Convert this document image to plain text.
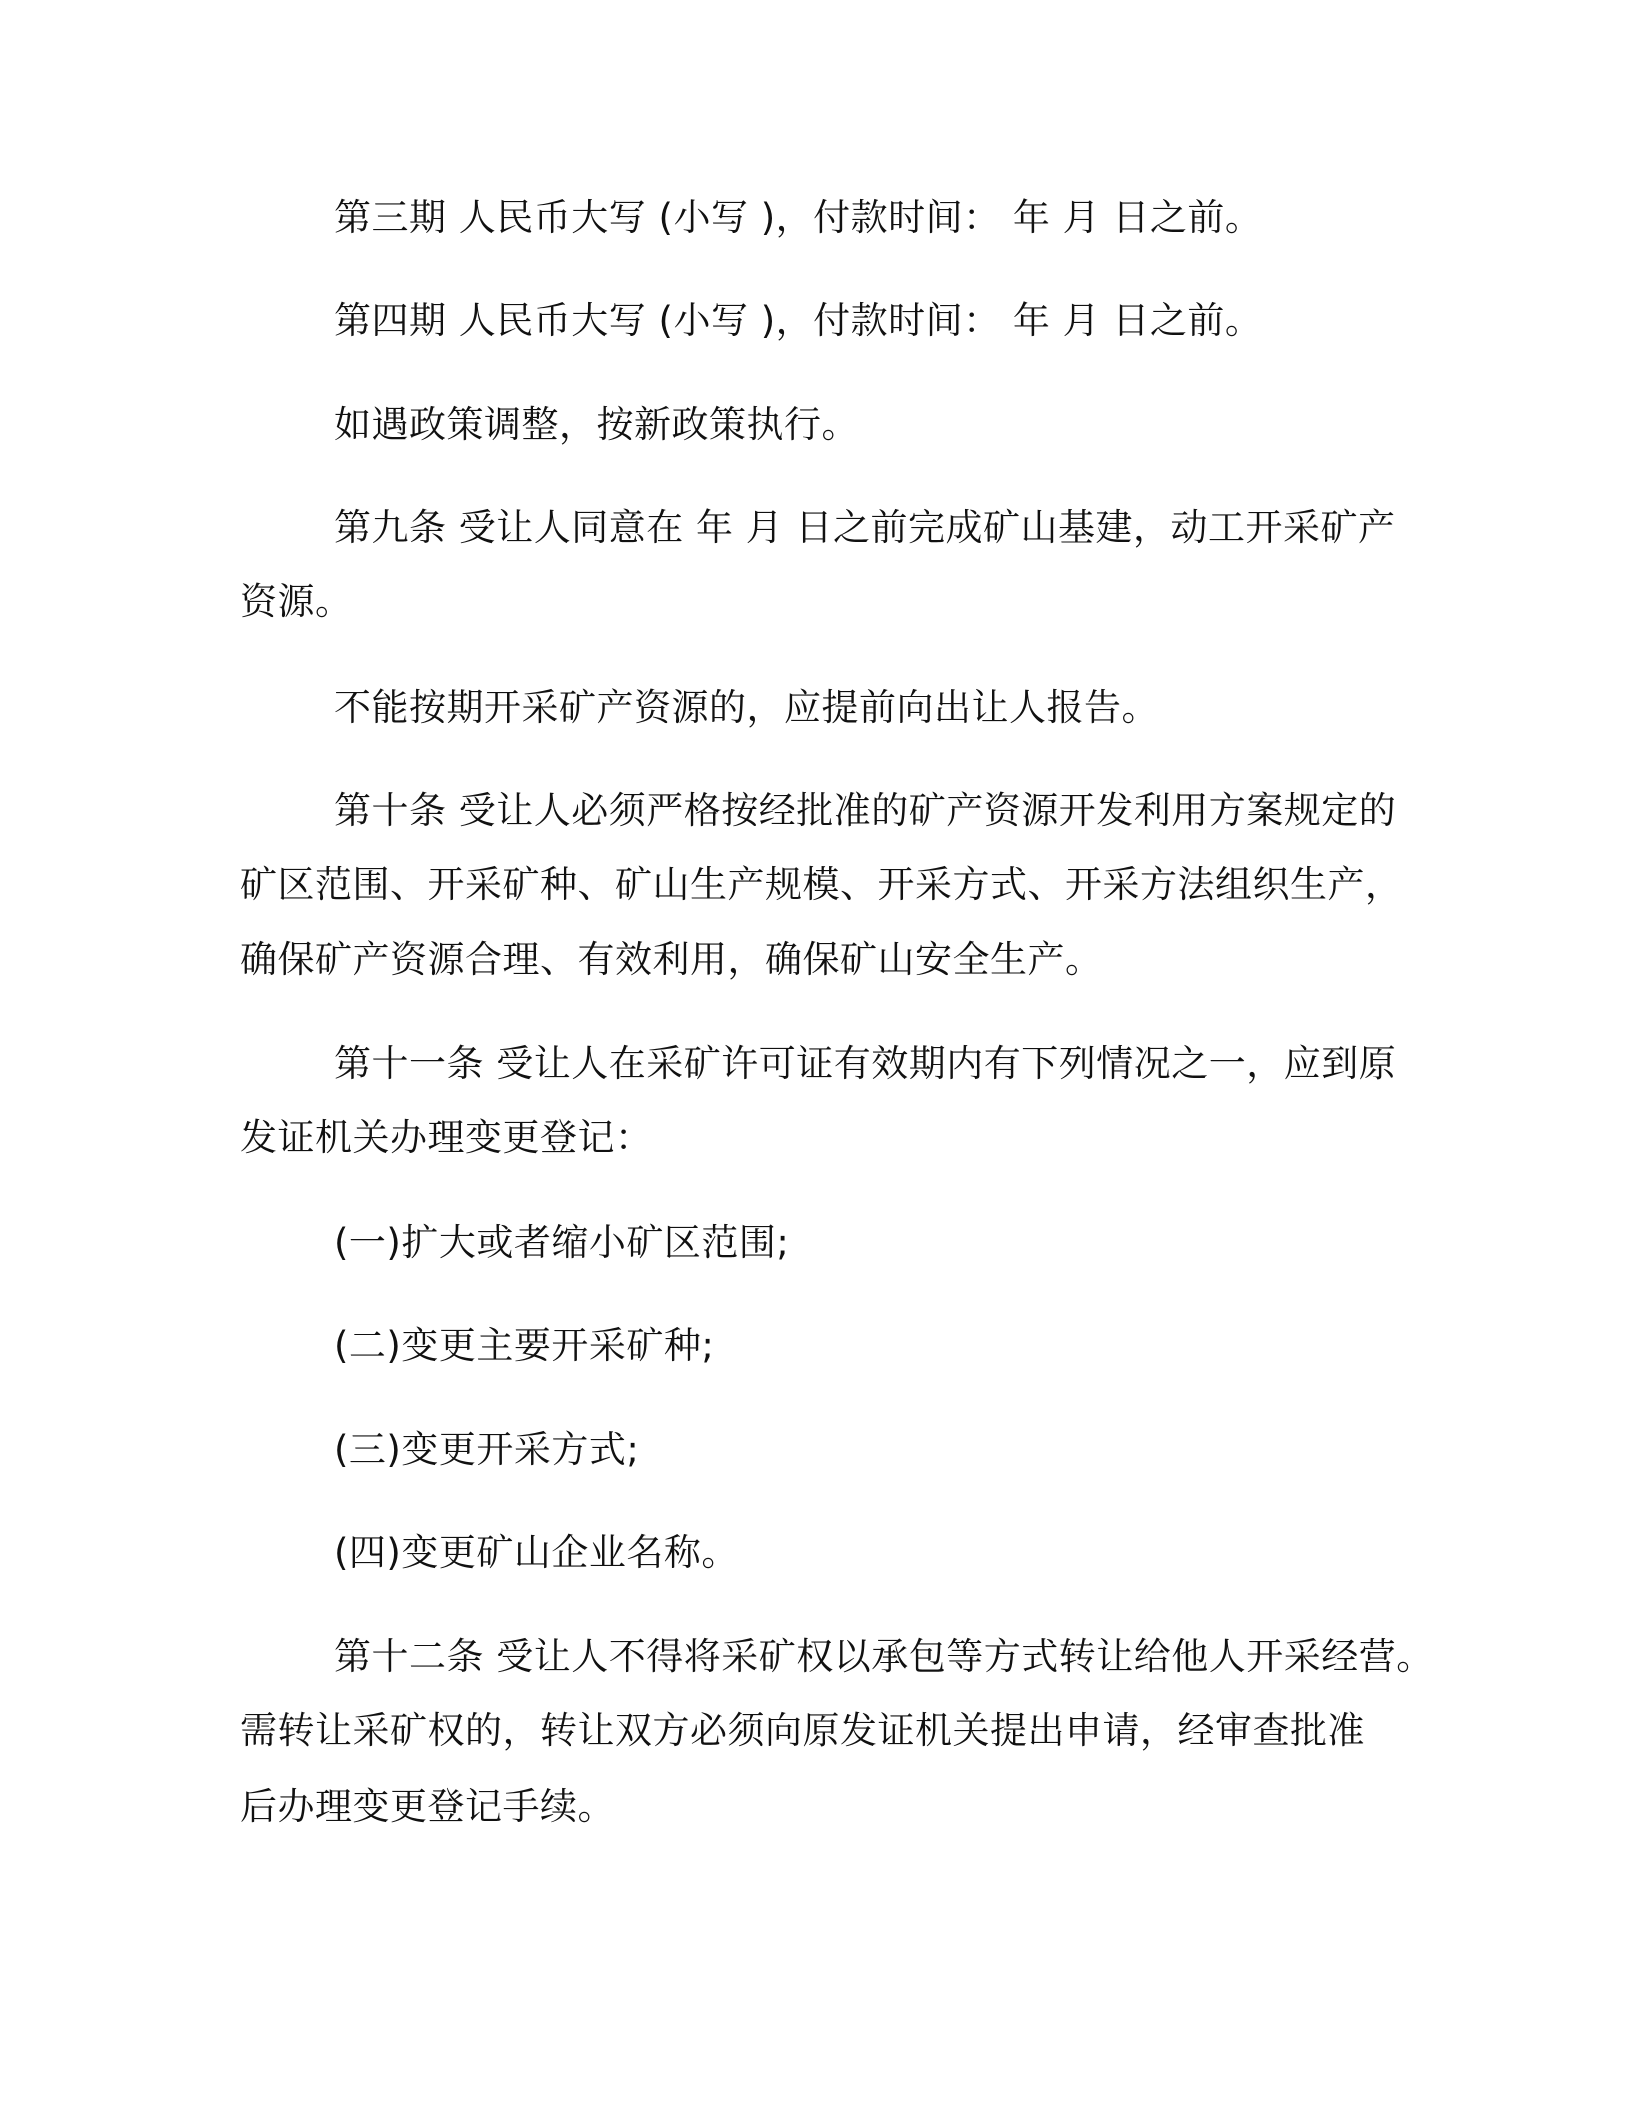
第三期 人民币大写 (小写 )，付款时间： 年 月 日之前。
第四期 人民币大写 (小写 )，付款时间： 年 月 日之前。
如遇政策调整，按新政策执行。
第九条 受让人同意在 年 月 日之前完成矿山基建，动工开采矿产
资源。
不能按期开采矿产资源的，应提前向出让人报告。
第十条 受让人必须严格按经批准的矿产资源开发利用方案规定的
矿区范围、开采矿种、矿山生产规模、开采方式、开采方法组织生产，
确保矿产资源合理、有效利用，确保矿山安全生产。
第十一条 受让人在采矿许可证有效期内有下列情况之一，应到原
发证机关办理变更登记：
(一)扩大或者缩小矿区范围;
(二)变更主要开采矿种;
(三)变更开采方式;
(四)变更矿山企业名称。
第十二条 受让人不得将采矿权以承包等方式转让给他人开采经营。
需转让采矿权的，转让双方必须向原发证机关提出申请，经审查批准
后办理变更登记手续。
